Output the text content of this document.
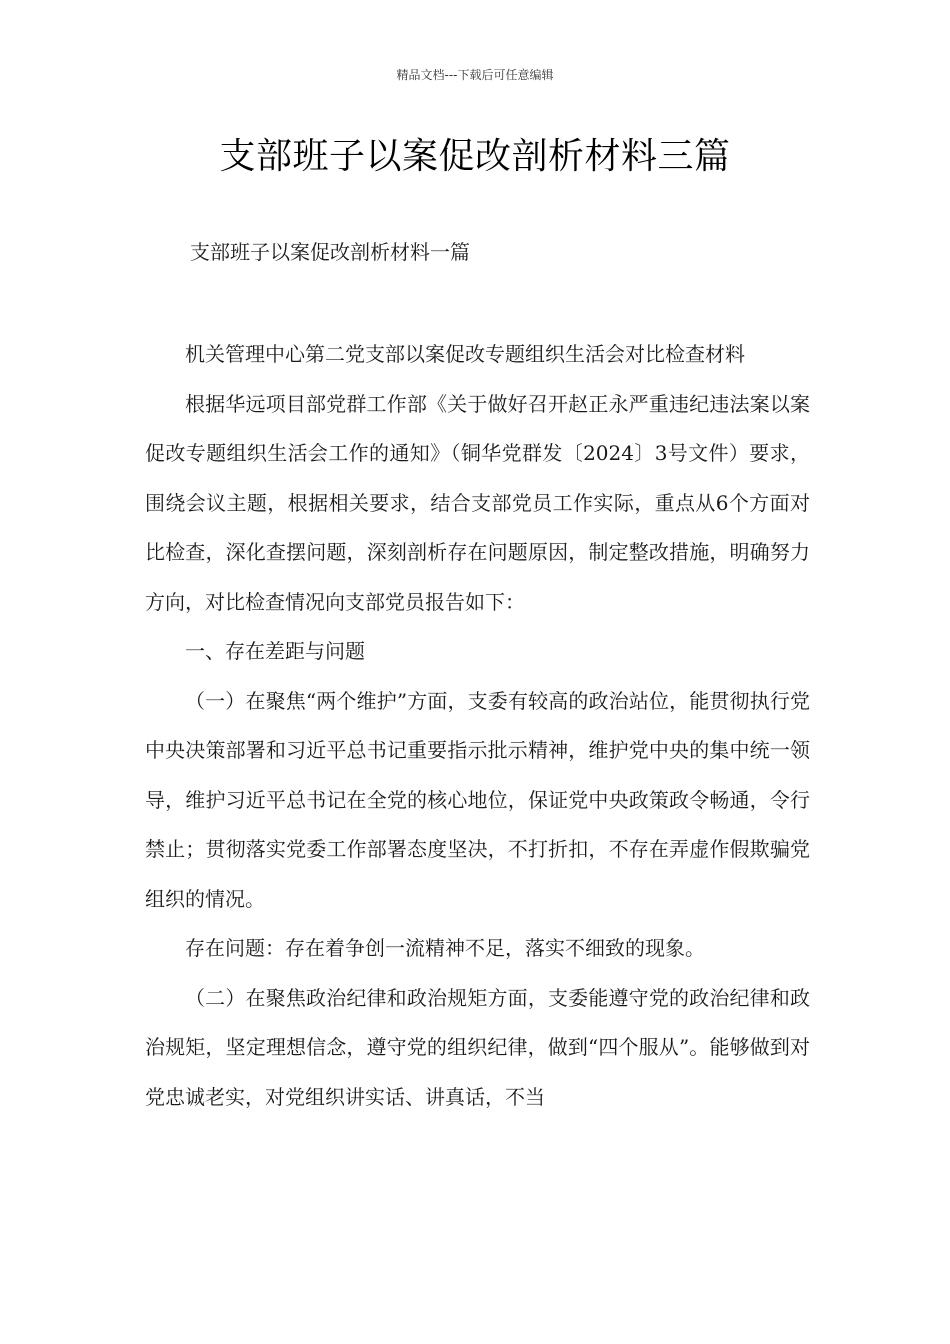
精品文档---下载后可任意编辑
支部班子以案促改剖析材料三篇
支部班子以案促改剖析材料一篇

机关管理中心第二党支部以案促改专题组织生活会对比检查材料

根据华远项目部党群工作部《关于做好召开赵正永严重违纪违法案以案促改专题组织生活会工作的通知》（铜华党群发〔2024〕3号文件）要求，围绕会议主题，根据相关要求，结合支部党员工作实际，重点从6个方面对比检查，深化查摆问题，深刻剖析存在问题原因，制定整改措施，明确努力方向，对比检查情况向支部党员报告如下：

一、存在差距与问题

（一）在聚焦“两个维护”方面，支委有较高的政治站位，能贯彻执行党中央决策部署和习近平总书记重要指示批示精神，维护党中央的集中统一领导，维护习近平总书记在全党的核心地位，保证党中央政策政令畅通，令行禁止；贯彻落实党委工作部署态度坚决，不打折扣，不存在弄虚作假欺骗党组织的情况。

存在问题：存在着争创一流精神不足，落实不细致的现象。

（二）在聚焦政治纪律和政治规矩方面，支委能遵守党的政治纪律和政治规矩，坚定理想信念，遵守党的组织纪律，做到“四个服从”。能够做到对党忠诚老实，对党组织讲实话、讲真话，不当
